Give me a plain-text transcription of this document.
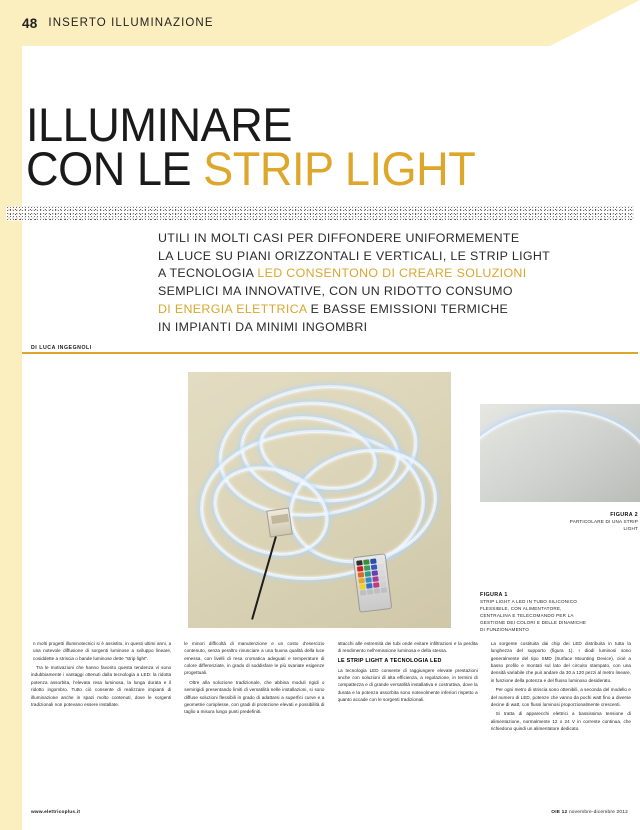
48 INSERTO ILLUMINAZIONE
ILLUMINARE
CON LE STRIP LIGHT
UTILI IN MOLTI CASI PER DIFFONDERE UNIFORMEMENTE
LA LUCE SU PIANI ORIZZONTALI E VERTICALI, LE STRIP LIGHT
A TECNOLOGIA LED CONSENTONO DI CREARE SOLUZIONI
SEMPLICI MA INNOVATIVE, CON UN RIDOTTO CONSUMO
DI ENERGIA ELETTRICA E BASSE EMISSIONI TERMICHE
IN IMPIANTI DA MINIMI INGOMBRI
DI LUCA INGEGNOLI
FIGURA 2
PARTICOLARE DI UNA STRIP LIGHT
FIGURA 1
STRIP LIGHT A LED IN TUBO SILICONICO FLESSIBILE, CON ALIMENTATORE, CENTRALINA E TELECOMANDO PER LA GESTIONE DEI COLORI E DELLE DINAMICHE DI FUNZIONAMENTO

n molti progetti illuminotecnici si è assistito, in questi ultimi anni, a una notevole diffusione di sorgenti luminose a sviluppo lineare, cosiddette a striscia o bande luminose dette "strip light".

Tra le motivazioni che hanno favorito questa tendenza vi sono indubbiamente i vantaggi ottenuti dalla tecnologia a LED: la ridotta potenza assorbita, l'elevata resa luminosa, la lunga durata e il ridotto ingombro. Tutto ciò consente di realizzare impianti di illuminazione anche in spazi molto contenuti, dove le sorgenti tradizionali non potevano essere installate.

le minori difficoltà di manutenzione e un costo d'esercizio contenuto, senza peraltro rinunciare a una buona qualità della luce emessa, con livelli di resa cromatica adeguati e temperature di colore differenziate, in grado di soddisfare le più svariate esigenze progettuali.

Oltre alla soluzione tradizionale, che abbina moduli rigidi o semirigidi presentando limiti di versatilità nelle installazioni, si sono diffuse soluzioni flessibili in grado di adattarsi a superfici curve e a geometrie complesse, con gradi di protezione elevati e possibilità di taglio a misura lungo punti predefiniti.

attacchi alle estremità dei tubi onde evitare infiltrazioni e la perdita di rendimento nell'emissione luminosa e della stessa.

LE STRIP LIGHT A TECNOLOGIA LED

La tecnologia LED consente di raggiungere elevate prestazioni anche con soluzioni di alta efficienza, a regolazione, in termini di compattezza e di grande versatilità installativa e costruttiva, dove la durata e la potenza assorbita sono notevolmente inferiori rispetto a quanto accade con le sorgenti tradizionali.

La sorgente costituita dai chip dei LED distribuita in tutta la lunghezza del supporto (figura 1). I diodi luminosi sono generalmente del tipo SMD (Surface Mounting Device), cioè a basso profilo e montati sul lato del circuito stampato, con una densità variabile che può andare da 30 a 120 pezzi al metro lineare, in funzione della potenza e del flusso luminoso desiderato.

Per ogni metro di striscia sono ottenibili, a seconda del modello e del numero di LED, potenze che vanno da pochi watt fino a diverse decine di watt, con flussi luminosi proporzionalmente crescenti.

Si tratta di apparecchi elettrici a bassissima tensione di alimentazione, normalmente 12 o 24 V in corrente continua, che richiedono quindi un alimentatore dedicato.

www.elettricoplus.it	OIE 12 novembre-dicembre 2012
